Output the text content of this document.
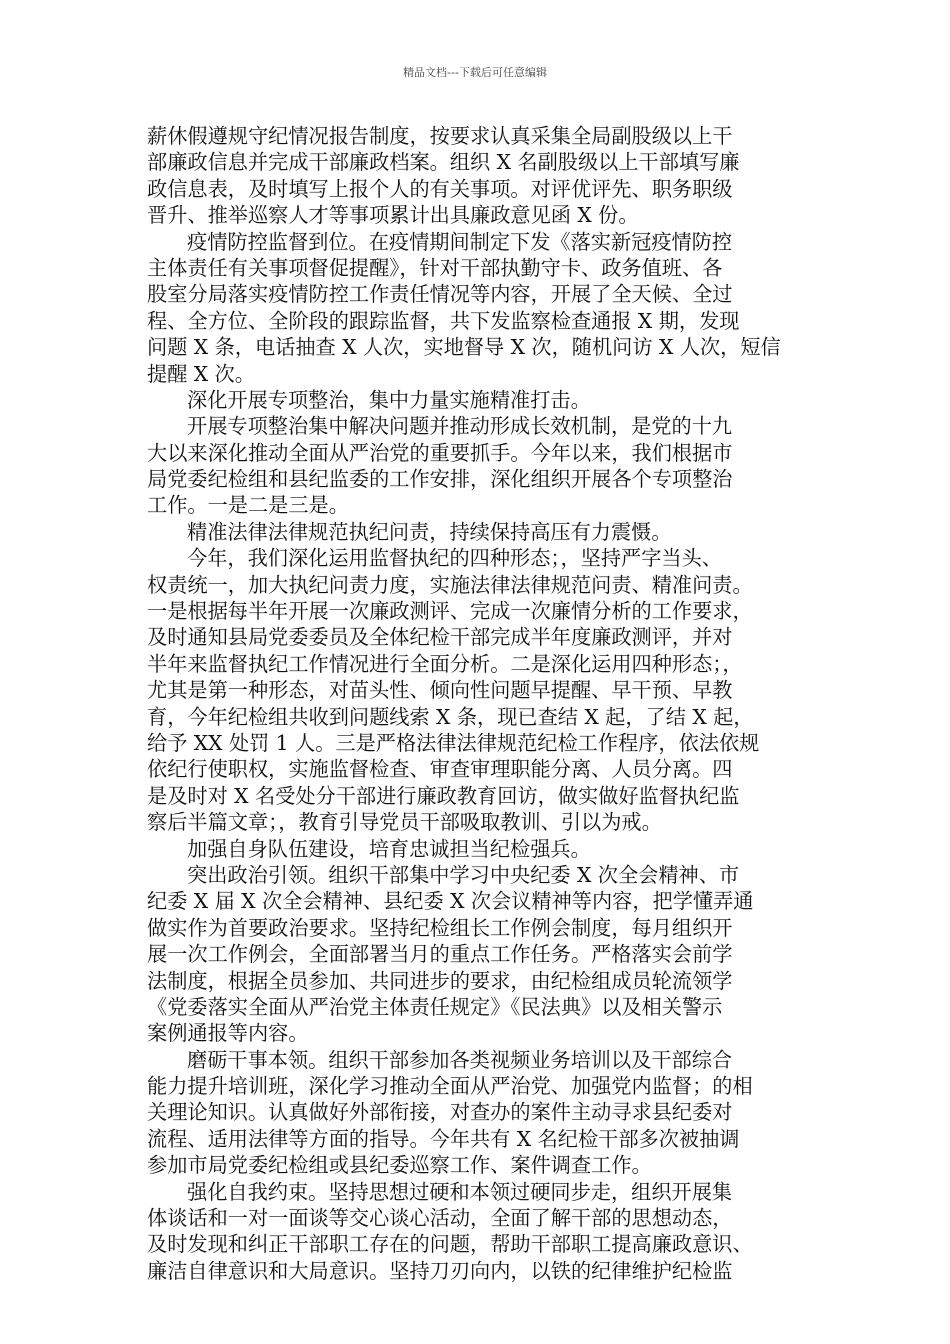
精品文档---下载后可任意编辑
薪休假遵规守纪情况报告制度，按要求认真采集全局副股级以上干
部廉政信息并完成干部廉政档案。组织 X 名副股级以上干部填写廉
政信息表，及时填写上报个人的有关事项。对评优评先、职务职级
晋升、推举巡察人才等事项累计出具廉政意见函 X 份。
疫情防控监督到位。在疫情期间制定下发《落实新冠疫情防控
主体责任有关事项督促提醒》，针对干部执勤守卡、政务值班、各
股室分局落实疫情防控工作责任情况等内容，开展了全天候、全过
程、全方位、全阶段的跟踪监督，共下发监察检查通报 X 期，发现
问题 X 条，电话抽查 X 人次，实地督导 X 次，随机问访 X 人次，短信
提醒 X 次。
深化开展专项整治，集中力量实施精准打击。
开展专项整治集中解决问题并推动形成长效机制，是党的十九
大以来深化推动全面从严治党的重要抓手。今年以来，我们根据市
局党委纪检组和县纪监委的工作安排，深化组织开展各个专项整治
工作。一是二是三是。
精准法律法律规范执纪问责，持续保持高压有力震慑。
今年，我们深化运用监督执纪的四种形态；，坚持严字当头、
权责统一，加大执纪问责力度，实施法律法律规范问责、精准问责。
一是根据每半年开展一次廉政测评、完成一次廉情分析的工作要求，
及时通知县局党委委员及全体纪检干部完成半年度廉政测评，并对
半年来监督执纪工作情况进行全面分析。二是深化运用四种形态；，
尤其是第一种形态，对苗头性、倾向性问题早提醒、早干预、早教
育，今年纪检组共收到问题线索 X 条，现已查结 X 起，了结 X 起，
给予 XX 处罚 1 人。三是严格法律法律规范纪检工作程序，依法依规
依纪行使职权，实施监督检查、审查审理职能分离、人员分离。四
是及时对 X 名受处分干部进行廉政教育回访，做实做好监督执纪监
察后半篇文章；，教育引导党员干部吸取教训、引以为戒。
加强自身队伍建设，培育忠诚担当纪检强兵。
突出政治引领。组织干部集中学习中央纪委 X 次全会精神、市
纪委 X 届 X 次全会精神、县纪委 X 次会议精神等内容，把学懂弄通
做实作为首要政治要求。坚持纪检组长工作例会制度，每月组织开
展一次工作例会，全面部署当月的重点工作任务。严格落实会前学
法制度，根据全员参加、共同进步的要求，由纪检组成员轮流领学
《党委落实全面从严治党主体责任规定》《民法典》以及相关警示
案例通报等内容。
磨砺干事本领。组织干部参加各类视频业务培训以及干部综合
能力提升培训班，深化学习推动全面从严治党、加强党内监督；的相
关理论知识。认真做好外部衔接，对查办的案件主动寻求县纪委对
流程、适用法律等方面的指导。今年共有 X 名纪检干部多次被抽调
参加市局党委纪检组或县纪委巡察工作、案件调查工作。
强化自我约束。坚持思想过硬和本领过硬同步走，组织开展集
体谈话和一对一面谈等交心谈心活动，全面了解干部的思想动态，
及时发现和纠正干部职工存在的问题，帮助干部职工提高廉政意识、
廉洁自律意识和大局意识。坚持刀刃向内，以铁的纪律维护纪检监
